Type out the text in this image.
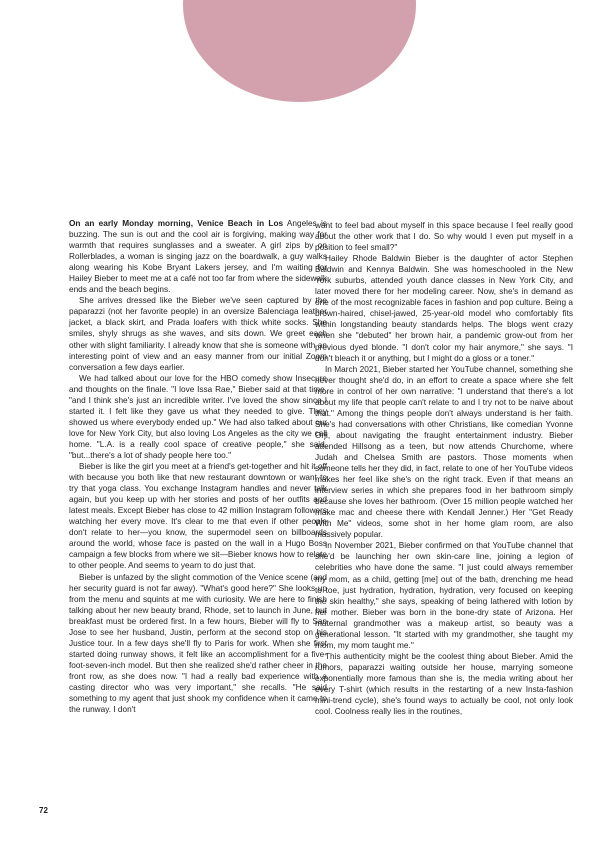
On an early Monday morning, Venice Beach in Los Angeles is buzzing. The sun is out and the cool air is forgiving, making way for warmth that requires sunglasses and a sweater. A girl zips by on Rollerblades, a woman is singing jazz on the boardwalk, a guy walks along wearing his Kobe Bryant Lakers jersey, and I'm waiting for Hailey Bieber to meet me at a café not too far from where the sidewalk ends and the beach begins.

She arrives dressed like the Bieber we've seen captured by the paparazzi (not her favorite people) in an oversize Balenciaga leather jacket, a black skirt, and Prada loafers with thick white socks. She smiles, shyly shrugs as she waves, and sits down. We greet each other with slight familiarity. I already know that she is someone with an interesting point of view and an easy manner from our initial Zoom conversation a few days earlier.

We had talked about our love for the HBO comedy show Insecure and thoughts on the finale. "I love Issa Rae," Bieber said at that time, "and I think she's just an incredible writer. I've loved the show since I started it. I felt like they gave us what they needed to give. They showed us where everybody ended up." We had also talked about our love for New York City, but also loving Los Angeles as the city we call home. "L.A. is a really cool space of creative people," she said, "but...there's a lot of shady people here too."

Bieber is like the girl you meet at a friend's get-together and hit it off with because you both like that new restaurant downtown or want to try that yoga class. You exchange Instagram handles and never talk again, but you keep up with her stories and posts of her outfits and latest meals. Except Bieber has close to 42 million Instagram followers watching her every move. It's clear to me that even if other people don't relate to her—you know, the supermodel seen on billboards around the world, whose face is pasted on the wall in a Hugo Boss campaign a few blocks from where we sit—Bieber knows how to relate to other people. And seems to yearn to do just that.

Bieber is unfazed by the slight commotion of the Venice scene (and her security guard is not far away). "What's good here?" She looks up from the menu and squints at me with curiosity. We are here to finish talking about her new beauty brand, Rhode, set to launch in June, but breakfast must be ordered first. In a few hours, Bieber will fly to San Jose to see her husband, Justin, perform at the second stop on his Justice tour. In a few days she'll fly to Paris for work. When she first started doing runway shows, it felt like an accomplishment for a five-foot-seven-inch model. But then she realized she'd rather cheer in the front row, as she does now. "I had a really bad experience with a casting director who was very important," she recalls. "He said something to my agent that just shook my confidence when it came to the runway. I don't

want to feel bad about myself in this space because I feel really good about the other work that I do. So why would I even put myself in a position to feel small?"

Hailey Rhode Baldwin Bieber is the daughter of actor Stephen Baldwin and Kennya Baldwin. She was homeschooled in the New York suburbs, attended youth dance classes in New York City, and later moved there for her modeling career. Now, she's in demand as one of the most recognizable faces in fashion and pop culture. Being a brown-haired, chisel-jawed, 25-year-old model who comfortably fits within longstanding beauty standards helps. The blogs went crazy when she "debuted" her brown hair, a pandemic grow-out from her previous dyed blonde. "I don't color my hair anymore," she says. "I don't bleach it or anything, but I might do a gloss or a toner."

In March 2021, Bieber started her YouTube channel, something she never thought she'd do, in an effort to create a space where she felt more in control of her own narrative: "I understand that there's a lot about my life that people can't relate to and I try not to be naive about that." Among the things people don't always understand is her faith. She's had conversations with other Christians, like comedian Yvonne Orji, about navigating the fraught entertainment industry. Bieber attended Hillsong as a teen, but now attends Churchome, where Judah and Chelsea Smith are pastors. Those moments when someone tells her they did, in fact, relate to one of her YouTube videos makes her feel like she's on the right track. Even if that means an interview series in which she prepares food in her bathroom simply because she loves her bathroom. (Over 15 million people watched her make mac and cheese there with Kendall Jenner.) Her "Get Ready With Me" videos, some shot in her home glam room, are also massively popular.

In November 2021, Bieber confirmed on that YouTube channel that she'd be launching her own skin-care line, joining a legion of celebrities who have done the same. "I just could always remember my mom, as a child, getting [me] out of the bath, drenching me head to toe, just hydration, hydration, hydration, very focused on keeping the skin healthy," she says, speaking of being lathered with lotion by her mother. Bieber was born in the bone-dry state of Arizona. Her maternal grandmother was a makeup artist, so beauty was a generational lesson. "It started with my grandmother, she taught my mom, my mom taught me."

This authenticity might be the coolest thing about Bieber. Amid the rumors, paparazzi waiting outside her house, marrying someone exponentially more famous than she is, the media writing about her every T-shirt (which results in the restarting of a new Insta-fashion mini-trend cycle), she's found ways to actually be cool, not only look cool. Coolness really lies in the routines,

72
